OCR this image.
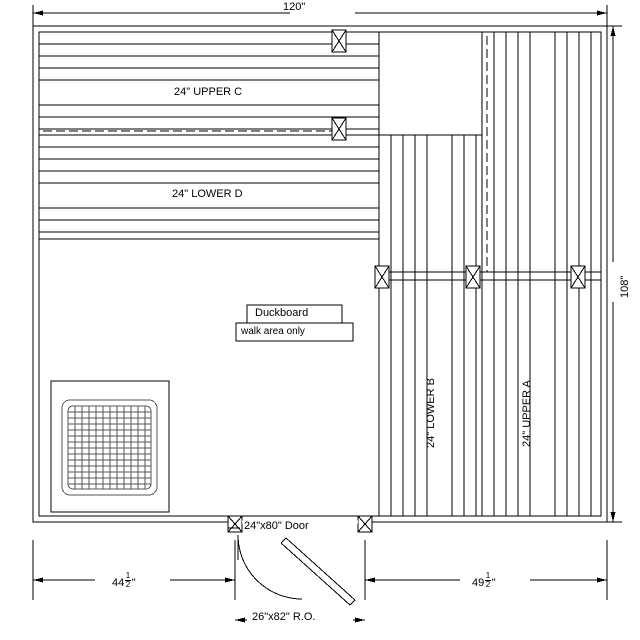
120"
108"
24" UPPER C
24" LOWER D
24" LOWER B	24" UPPER A
Duckboard
walk area only
24"x80" Door
26"x82" R.O.
$44 \frac{1}{2}$ "	$49 \frac{1}{2}$ "
